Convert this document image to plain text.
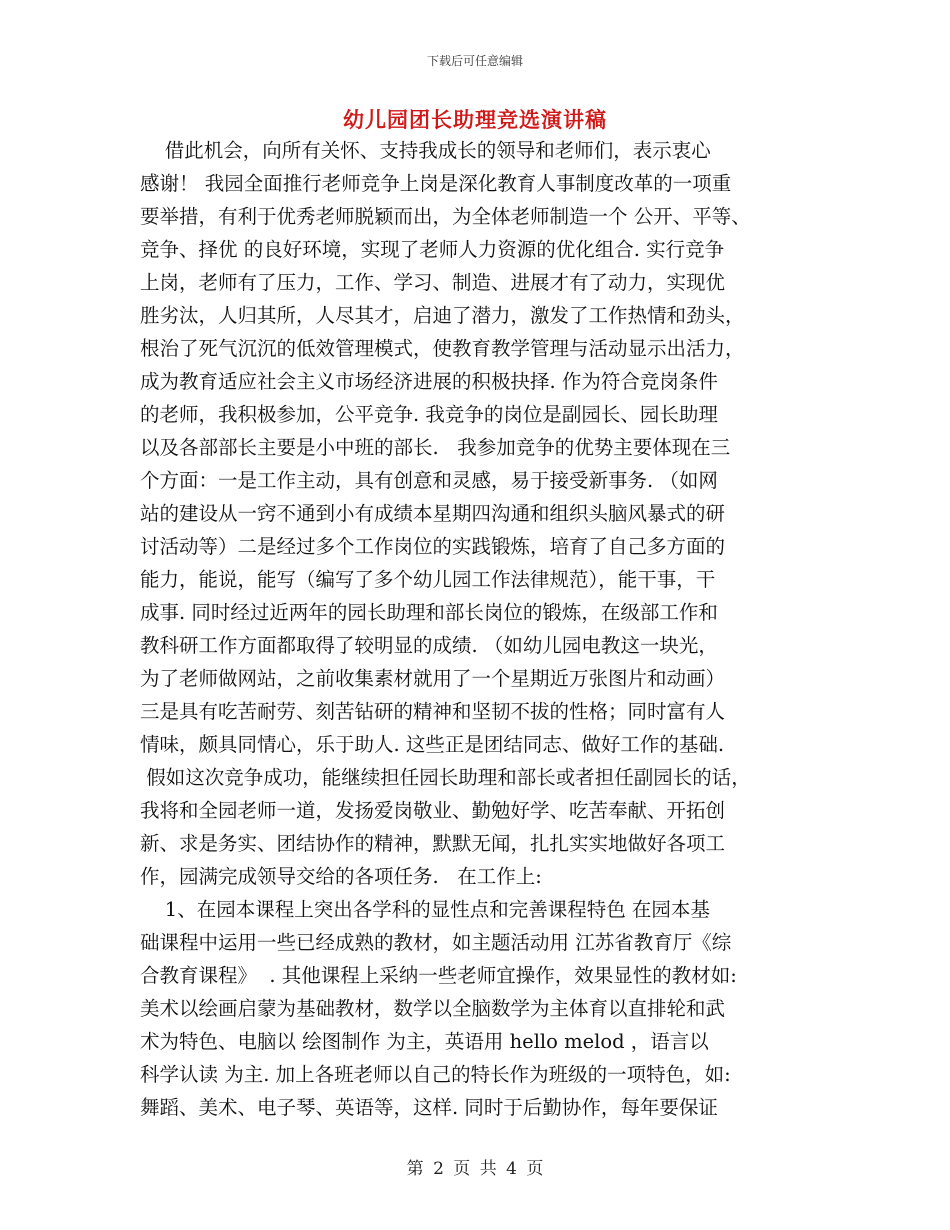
下载后可任意编辑
幼儿园团长助理竞选演讲稿
借此机会，向所有关怀、支持我成长的领导和老师们，表示衷心
感谢！ 我园全面推行老师竞争上岗是深化教育人事制度改革的一项重
要举措，有利于优秀老师脱颖而出，为全体老师制造一个 公开、平等、
竞争、择优 的良好环境，实现了老师人力资源的优化组合. 实行竞争
上岗，老师有了压力，工作、学习、制造、进展才有了动力，实现优
胜劣汰，人归其所，人尽其才，启迪了潜力，激发了工作热情和劲头，
根治了死气沉沉的低效管理模式，使教育教学管理与活动显示出活力，
成为教育适应社会主义市场经济进展的积极抉择. 作为符合竞岗条件
的老师，我积极参加，公平竞争. 我竞争的岗位是副园长、园长助理
以及各部部长主要是小中班的部长.   我参加竞争的优势主要体现在三
个方面：一是工作主动，具有创意和灵感，易于接受新事务. （如网
站的建设从一窍不通到小有成绩本星期四沟通和组织头脑风暴式的研
讨活动等）二是经过多个工作岗位的实践锻炼，培育了自己多方面的
能力，能说，能写（编写了多个幼儿园工作法律规范），能干事，干
成事. 同时经过近两年的园长助理和部长岗位的锻炼，在级部工作和
教科研工作方面都取得了较明显的成绩. （如幼儿园电教这一块光，
为了老师做网站，之前收集素材就用了一个星期近万张图片和动画）
三是具有吃苦耐劳、刻苦钻研的精神和坚韧不拔的性格；同时富有人
情味，颇具同情心，乐于助人. 这些正是团结同志、做好工作的基础.
假如这次竞争成功，能继续担任园长助理和部长或者担任副园长的话，
我将和全园老师一道，发扬爱岗敬业、勤勉好学、吃苦奉献、开拓创
新、求是务实、团结协作的精神，默默无闻，扎扎实实地做好各项工
作，园满完成领导交给的各项任务.   在工作上:
1、在园本课程上突出各学科的显性点和完善课程特色 在园本基
础课程中运用一些已经成熟的教材，如主题活动用 江苏省教育厅《综
合教育课程》  . 其他课程上采纳一些老师宜操作，效果显性的教材如:
美术以绘画启蒙为基础教材，数学以全脑数学为主体育以直排轮和武
术为特色、电脑以 绘图制作 为主，英语用 hello melod ，语言以
科学认读 为主. 加上各班老师以自己的特长作为班级的一项特色，如:
舞蹈、美术、电子琴、英语等，这样. 同时于后勤协作，每年要保证
第 2 页 共 4 页
